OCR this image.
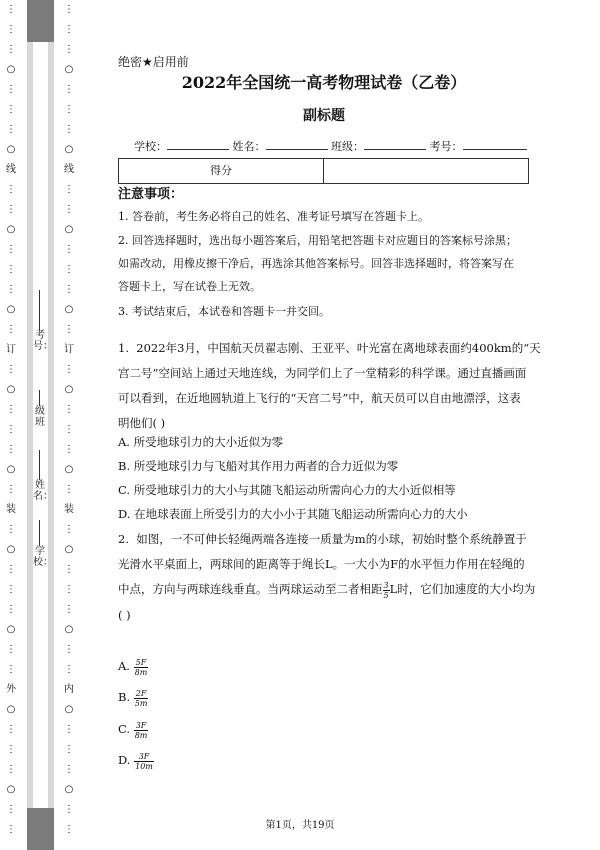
⋮
⋮
⋮
○
⋮
⋮
⋮
○
线
⋮
⋮
○
⋮
⋮
⋮
○
⋮
订
⋮
○
⋮
⋮
⋮
○
⋮
装
⋮
○
⋮
⋮
⋮
○
⋮
⋮
外
○
⋮
⋮
⋮
○
⋮
⋮
考号：
级班
姓名：
学校：
⋮
⋮
⋮
○
⋮
⋮
⋮
○
线
⋮
⋮
○
⋮
⋮
⋮
○
⋮
订
⋮
○
⋮
⋮
⋮
○
⋮
装
⋮
○
⋮
⋮
⋮
○
⋮
⋮
内
○
⋮
⋮
⋮
○
⋮
⋮
绝密★启用前
2022年全国统一高考物理试卷（乙卷）
副标题
学校：	姓名：	班级：	考号：
得分
注意事项：
1. 答卷前，考生务必将自己的姓名、准考证号填写在答题卡上。
2. 回答选择题时，选出每小题答案后，用铅笔把答题卡对应题目的答案标号涂黑；
如需改动，用橡皮擦干净后，再选涂其他答案标号。回答非选择题时，将答案写在
答题卡上，写在试卷上无效。
3. 考试结束后，本试卷和答题卡一并交回。
1. 2022年3月，中国航天员翟志刚、王亚平、叶光富在离地球表面约400km的“天
宫二号”空间站上通过天地连线，为同学们上了一堂精彩的科学课。通过直播画面
可以看到，在近地圆轨道上飞行的“天宫二号”中，航天员可以自由地漂浮，这表
明他们( )
A. 所受地球引力的大小近似为零
B. 所受地球引力与飞船对其作用力两者的合力近似为零
C. 所受地球引力的大小与其随飞船运动所需向心力的大小近似相等
D. 在地球表面上所受引力的大小小于其随飞船运动所需向心力的大小
2. 如图，一不可伸长轻绳两端各连接一质量为m的小球，初始时整个系统静置于
光滑水平桌面上，两球间的距离等于绳长L。一大小为F的水平恒力作用在轻绳的
中点，方向与两球连线垂直。当两球运动至二者相距 $\frac{3}{5}$ L时，它们加速度的大小均为
( )
A. $\frac{5F}{8m}$
B. $\frac{2F}{5m}$
C. $\frac{3F}{8m}$
D. $\frac{3F}{10m}$
第1页，共19页
